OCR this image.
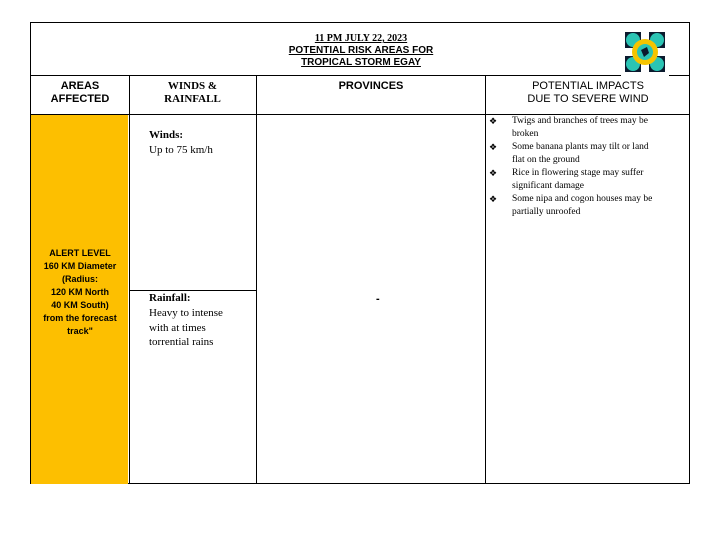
11 PM JULY 22, 2023
POTENTIAL RISK AREAS FOR
TROPICAL STORM EGAY
AREAS
AFFECTED
WINDS &
RAINFALL
PROVINCES	POTENTIAL IMPACTS
DUE TO SEVERE WIND
ALERT LEVEL
160 KM Diameter
(Radius:
120 KM North
40 KM South)
from the forecast
track"
Winds:
Up to 75 km/h
Rainfall:
Heavy to intense
with at times
torrential rains
-
❖ Twigs and branches of trees may be
broken
❖ Some banana plants may tilt or land
flat on the ground
❖ Rice in flowering stage may suffer
significant damage
❖ Some nipa and cogon houses may be
partially unroofed
